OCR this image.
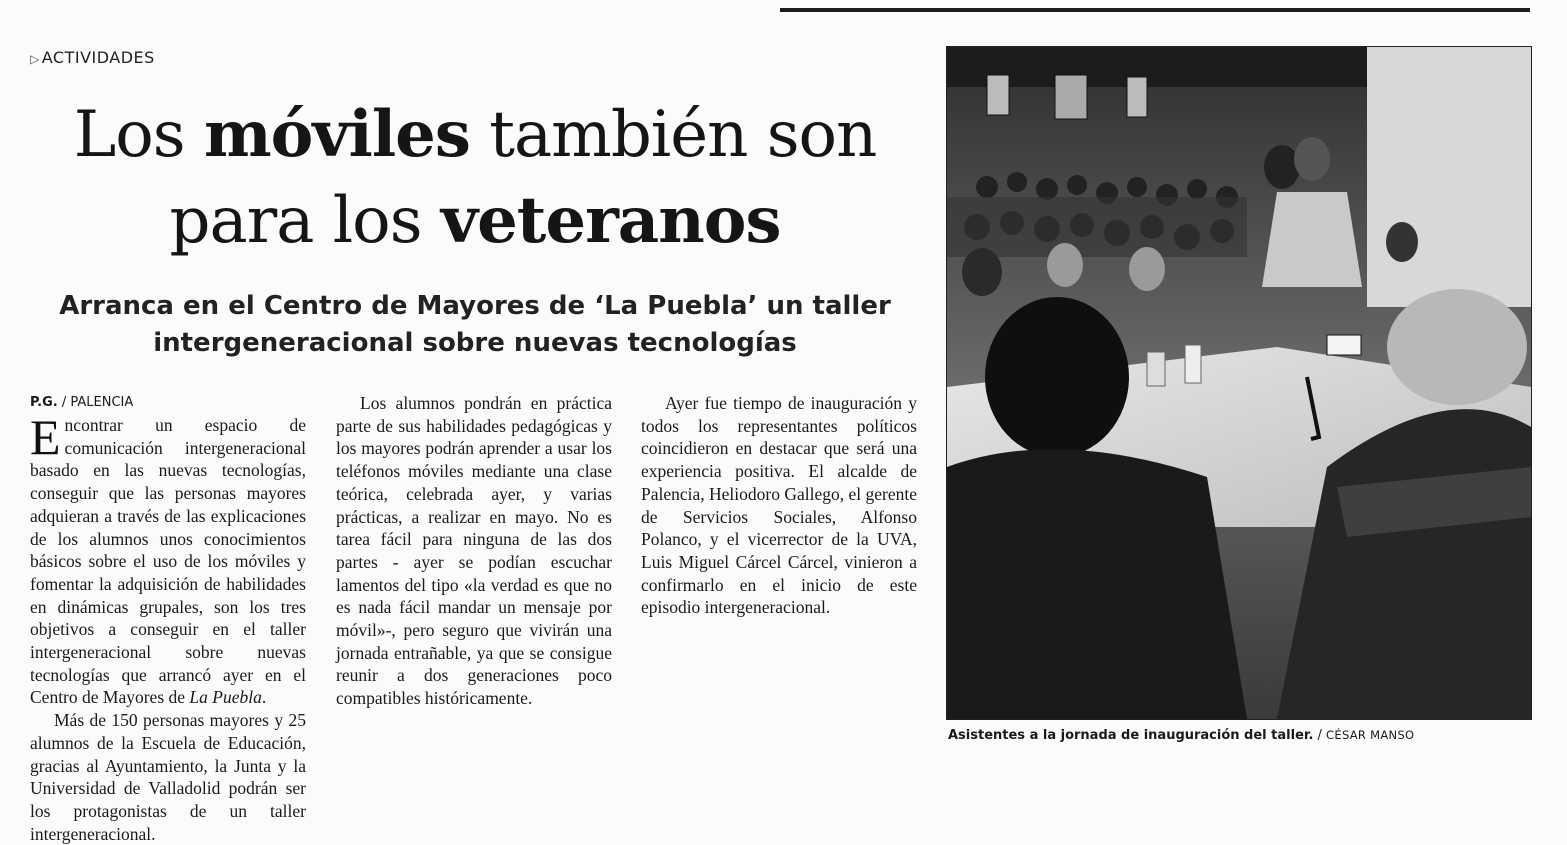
▷ ACTIVIDADES
Los móviles también son
para los veteranos
Arranca en el Centro de Mayores de ‘La Puebla’ un taller
intergeneracional sobre nuevas tecnologías
P.G. / PALENCIA

Encontrar un espacio de comunicación intergeneracional basado en las nuevas tecnologías, conseguir que las personas mayores adquieran a través de las explicaciones de los alumnos unos conocimientos básicos sobre el uso de los móviles y fomentar la adquisición de habilidades en dinámicas grupales, son los tres objetivos a conseguir en el taller intergeneracional sobre nuevas tecnologías que arrancó ayer en el Centro de Mayores de La Puebla.

Más de 150 personas mayores y 25 alumnos de la Escuela de Educación, gracias al Ayuntamiento, la Junta y la Universidad de Valladolid podrán ser los protagonistas de un taller intergeneracional.

Los alumnos pondrán en práctica parte de sus habilidades pedagógicas y los mayores podrán aprender a usar los teléfonos móviles mediante una clase teórica, celebrada ayer, y varias prácticas, a realizar en mayo. No es tarea fácil para ninguna de las dos partes - ayer se podían escuchar lamentos del tipo «la verdad es que no es nada fácil mandar un mensaje por móvil»-, pero seguro que vivirán una jornada entrañable, ya que se consigue reunir a dos generaciones poco compatibles históricamente.

Ayer fue tiempo de inauguración y todos los representantes políticos coincidieron en destacar que será una experiencia positiva. El alcalde de Palencia, Heliodoro Gallego, el gerente de Servicios Sociales, Alfonso Polanco, y el vicerrector de la UVA, Luis Miguel Cárcel Cárcel, vinieron a confirmarlo en el inicio de este episodio intergeneracional.

Asistentes a la jornada de inauguración del taller. / CÉSAR MANSO
